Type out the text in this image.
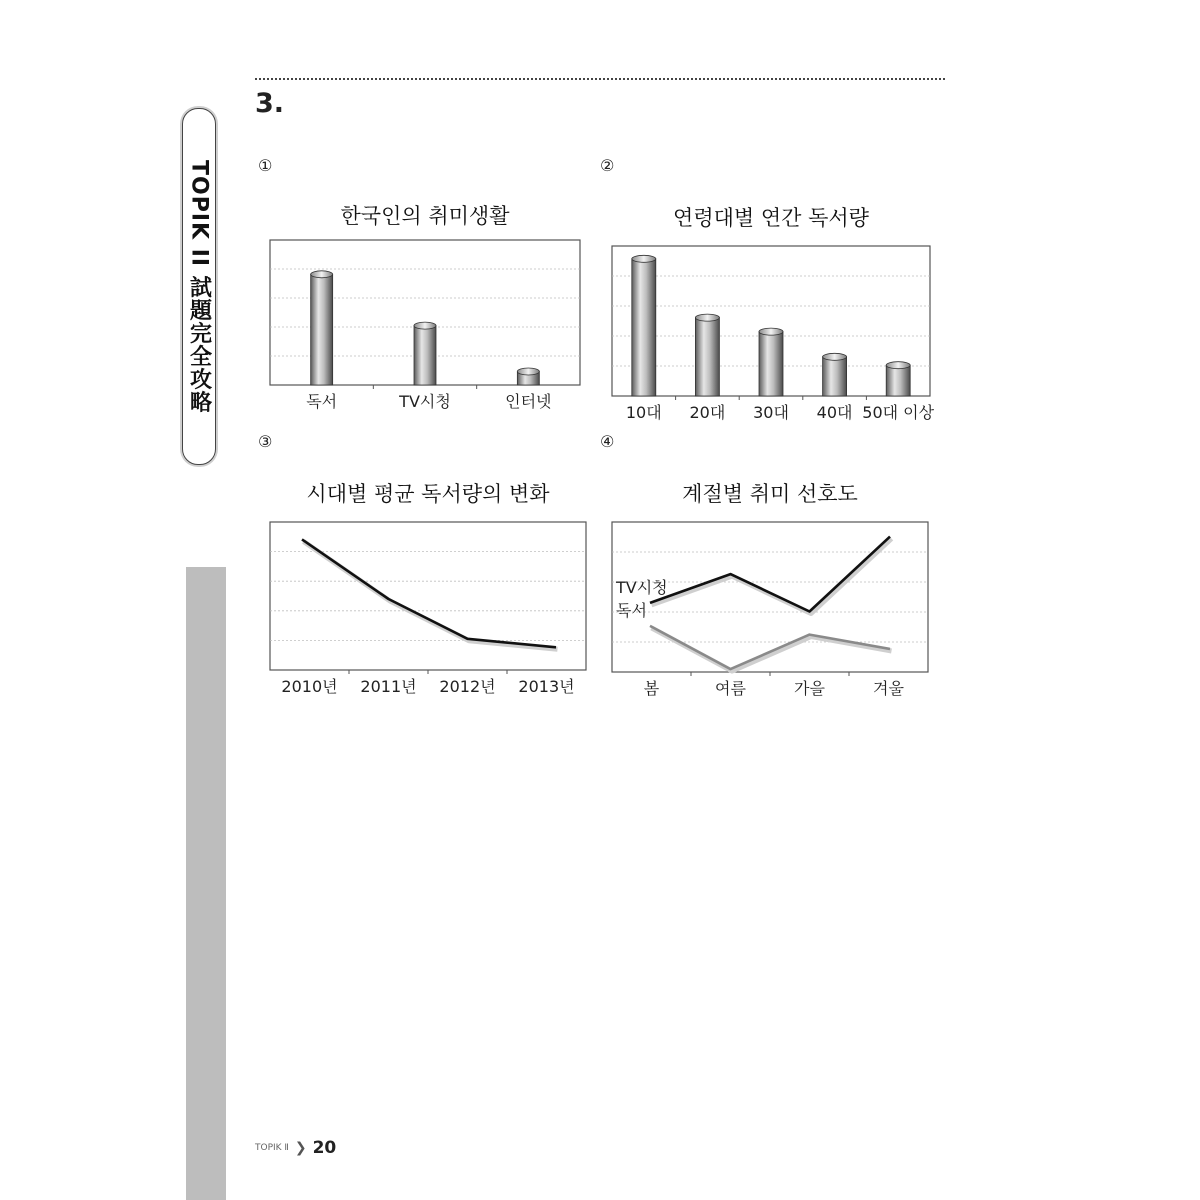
TOPIK II 試題完全攻略
3.
①
한국인의 취미생활
독서	TV시청	인터넷
②
연령대별 연간 독서량
10대 20대 30대 40대 50대 이상
③
시대별 평균 독서량의 변화
2010년 2011년 2012년 2013년
④
계절별 취미 선호도
TV시청
독서
봄	여름	가을	겨울
TOPIK Ⅱ ❯ 20
